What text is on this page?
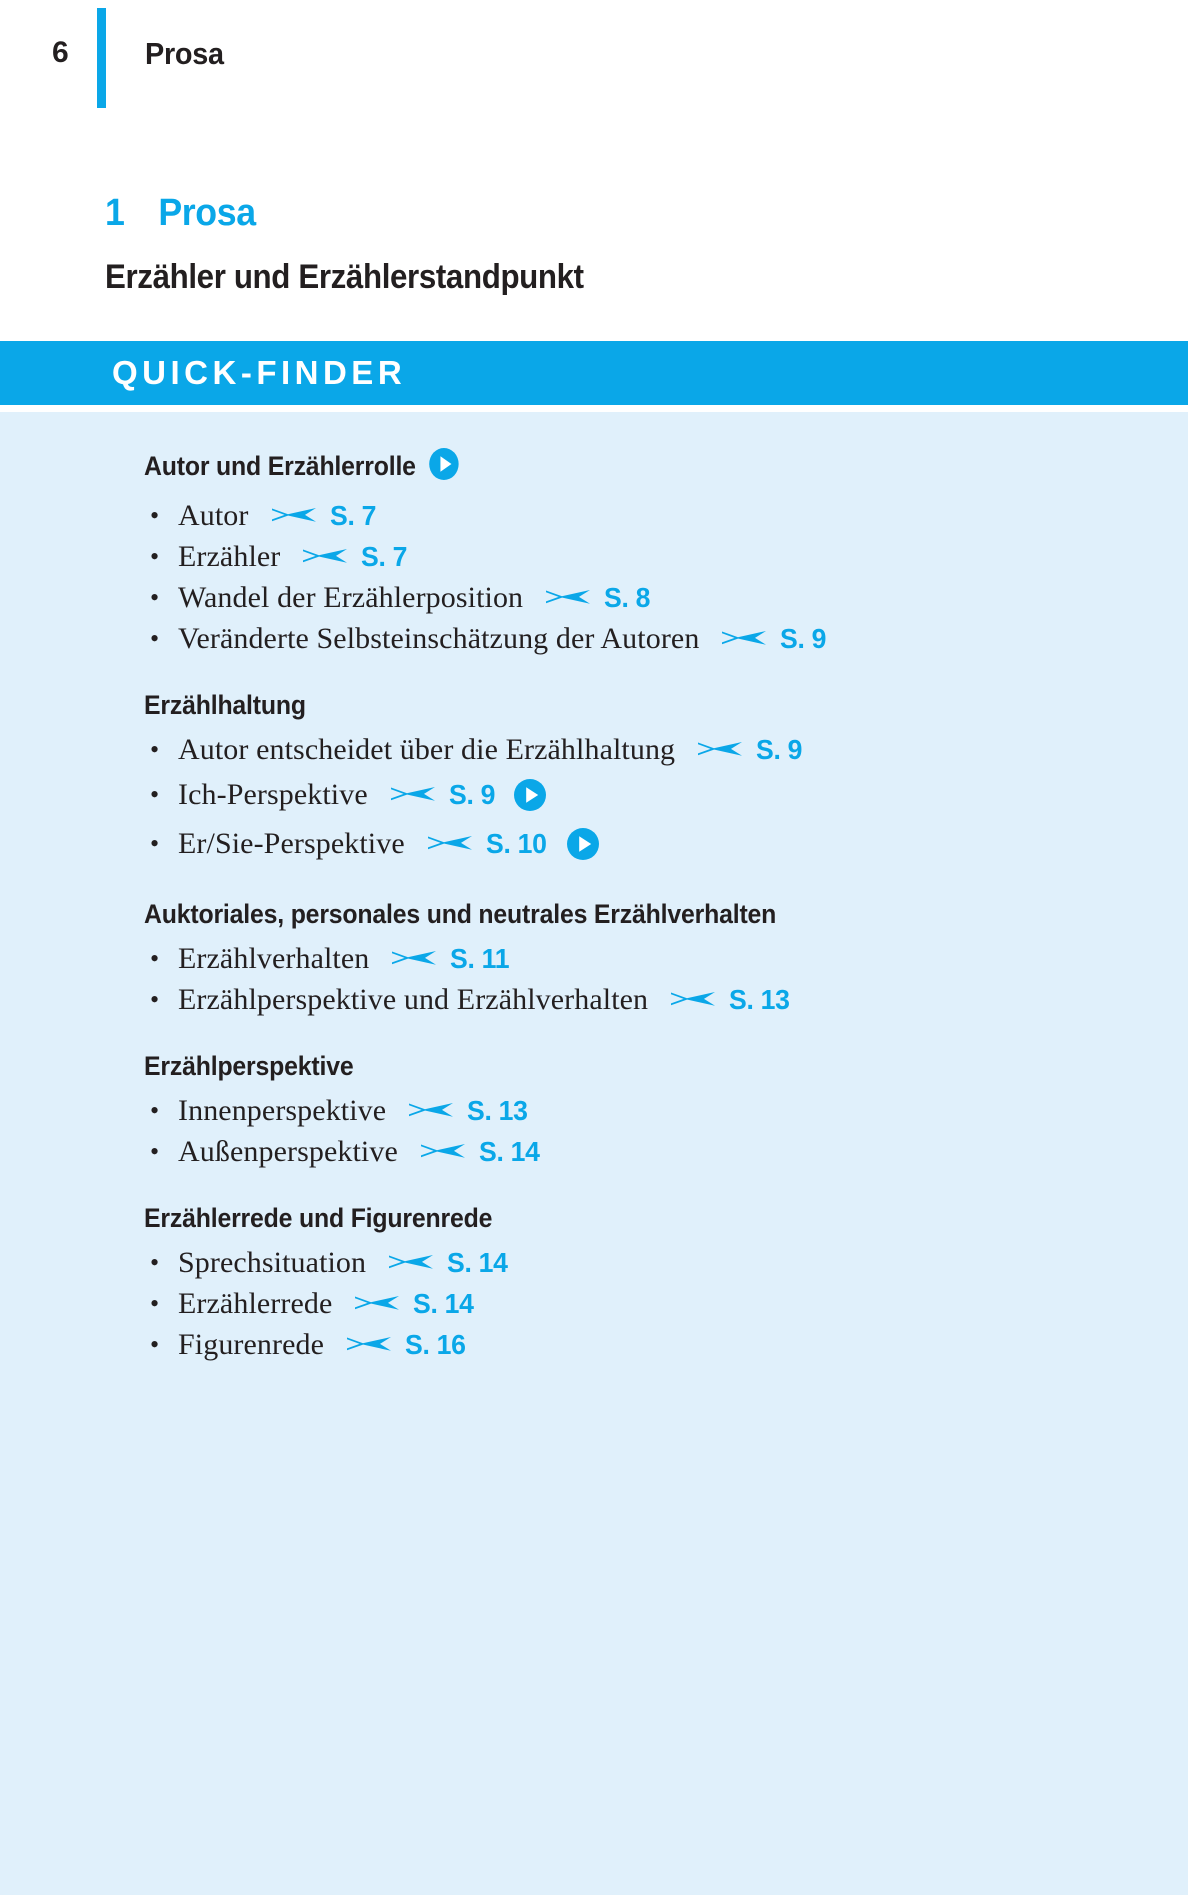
6 Prosa
1 Prosa
Erzähler und Erzählerstandpunkt
QUICK-FINDER
Autor und Erzählerrolle
• Autor	S. 7
• Erzähler	S. 7
• Wandel der Erzählerposition	S. 8
• Veränderte Selbsteinschätzung der Autoren	S. 9
Erzählhaltung
• Autor entscheidet über die Erzählhaltung	S. 9
• Ich-Perspektive	S. 9
• Er/Sie-Perspektive	S. 10
Auktoriales, personales und neutrales Erzählverhalten
• Erzählverhalten	S. 11
• Erzählperspektive und Erzählverhalten	S. 13
Erzählperspektive
• Innenperspektive	S. 13
• Außenperspektive	S. 14
Erzählerrede und Figurenrede
• Sprechsituation	S. 14
• Erzählerrede	S. 14
• Figurenrede	S. 16
